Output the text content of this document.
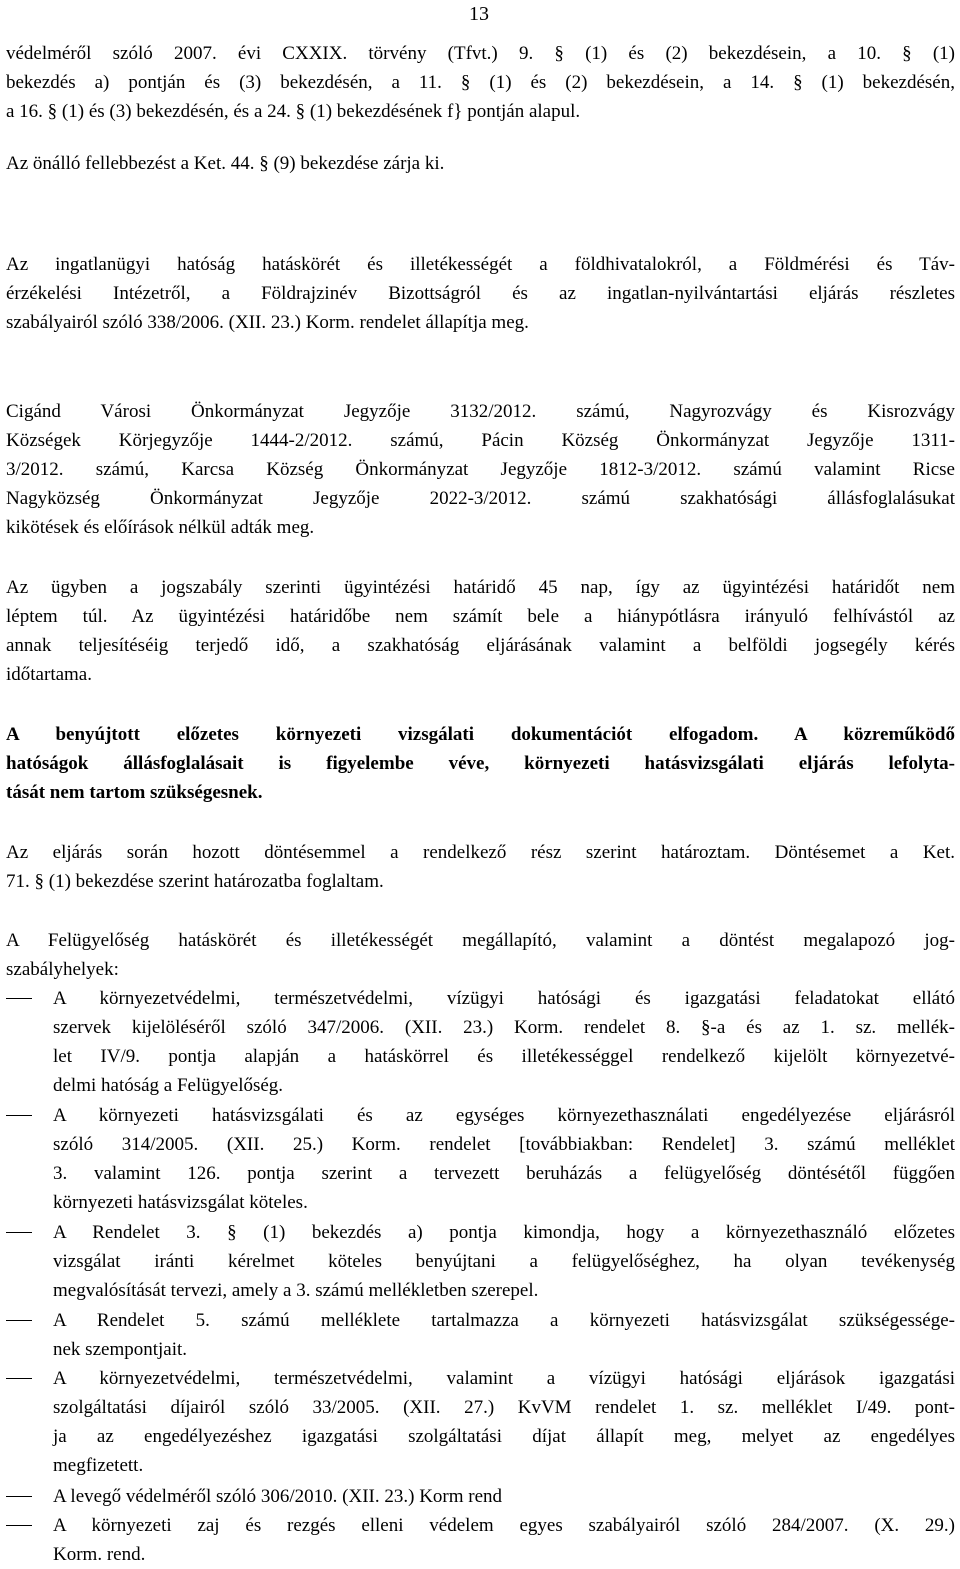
13
védelméről szóló 2007. évi CXXIX. törvény (Tfvt.) 9. § (1) és (2) bekezdésein, a 10. § (1)
bekezdés a) pontján és (3) bekezdésén, a 11. § (1) és (2) bekezdésein, a 14. § (1) bekezdésén,
a 16. § (1) és (3) bekezdésén, és a 24. § (1) bekezdésének f} pontján alapul.
Az önálló fellebbezést a Ket. 44. § (9) bekezdése zárja ki.
Az ingatlanügyi hatóság hatáskörét és illetékességét a földhivatalokról, a Földmérési és Táv-
érzékelési Intézetről, a Földrajzinév Bizottságról és az ingatlan-nyilvántartási eljárás részletes
szabályairól szóló 338/2006. (XII. 23.) Korm. rendelet állapítja meg.
Cigánd Városi Önkormányzat Jegyzője 3132/2012. számú, Nagyrozvágy és Kisrozvágy
Községek Körjegyzője 1444-2/2012. számú, Pácin Község Önkormányzat Jegyzője 1311-
3/2012. számú, Karcsa Község Önkormányzat Jegyzője 1812-3/2012. számú valamint Ricse
Nagyközség Önkormányzat Jegyzője 2022-3/2012. számú szakhatósági állásfoglalásukat
kikötések és előírások nélkül adták meg.
Az ügyben a jogszabály szerinti ügyintézési határidő 45 nap, így az ügyintézési határidőt nem
léptem túl. Az ügyintézési határidőbe nem számít bele a hiánypótlásra irányuló felhívástól az
annak teljesítéséig terjedő idő, a szakhatóság eljárásának valamint a belföldi jogsegély kérés
időtartama.
A benyújtott előzetes környezeti vizsgálati dokumentációt elfogadom. A közreműködő
hatóságok állásfoglalásait is figyelembe véve, környezeti hatásvizsgálati eljárás lefolyta-
tását nem tartom szükségesnek.
Az eljárás során hozott döntésemmel a rendelkező rész szerint határoztam. Döntésemet a Ket.
71. § (1) bekezdése szerint határozatba foglaltam.
A Felügyelőség hatáskörét és illetékességét megállapító, valamint a döntést megalapozó jog-
szabályhelyek:
A környezetvédelmi, természetvédelmi, vízügyi hatósági és igazgatási feladatokat ellátó
szervek kijelöléséről szóló 347/2006. (XII. 23.) Korm. rendelet 8. §-a és az 1. sz. mellék-
let IV/9. pontja alapján a hatáskörrel és illetékességgel rendelkező kijelölt környezetvé-
delmi hatóság a Felügyelőség.
A környezeti hatásvizsgálati és az egységes környezethasználati engedélyezése eljárásról
szóló 314/2005. (XII. 25.) Korm. rendelet [továbbiakban: Rendelet] 3. számú melléklet
3. valamint 126. pontja szerint a tervezett beruházás a felügyelőség döntésétől függően
környezeti hatásvizsgálat köteles.
A Rendelet 3. § (1) bekezdés a) pontja kimondja, hogy a környezethasználó előzetes
vizsgálat iránti kérelmet köteles benyújtani a felügyelőséghez, ha olyan tevékenység
megvalósítását tervezi, amely a 3. számú mellékletben szerepel.
A Rendelet 5. számú melléklete tartalmazza a környezeti hatásvizsgálat szükségessége-
nek szempontjait.
A környezetvédelmi, természetvédelmi, valamint a vízügyi hatósági eljárások igazgatási
szolgáltatási díjairól szóló 33/2005. (XII. 27.) KvVM rendelet 1. sz. melléklet I/49. pont-
ja az engedélyezéshez igazgatási szolgáltatási díjat állapít meg, melyet az engedélyes
megfizetett.
A levegő védelméről szóló 306/2010. (XII. 23.) Korm rend
A környezeti zaj és rezgés elleni védelem egyes szabályairól szóló 284/2007. (X. 29.)
Korm. rend.
